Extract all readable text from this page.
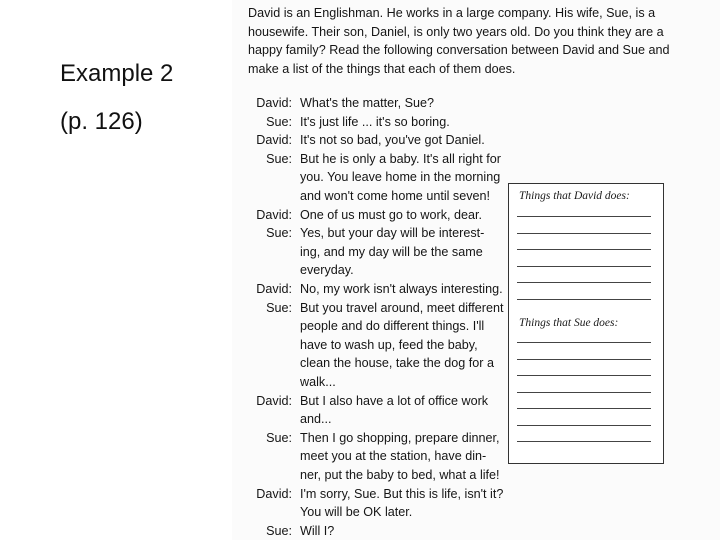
Example 2
(p. 126)
David is an Englishman. He works in a large company. His wife, Sue, is a
housewife. Their son, Daniel, is only two years old. Do you think they are a
happy family? Read the following conversation between David and Sue and
make a list of the things that each of them does.
David: What's the matter, Sue?
Sue: It's just life ... it's so boring.
David: It's not so bad, you've got Daniel.
Sue: But he is only a baby. It's all right for
you. You leave home in the morning
and won't come home until seven!
David: One of us must go to work, dear.
Sue: Yes, but your day will be interest-
ing, and my day will be the same
everyday.
David: No, my work isn't always interesting.
Sue: But you travel around, meet different
people and do different things. I'll
have to wash up, feed the baby,
clean the house, take the dog for a
walk...
David: But I also have a lot of office work
and...
Sue: Then I go shopping, prepare dinner,
meet you at the station, have din-
ner, put the baby to bed, what a life!
David: I'm sorry, Sue. But this is life, isn't it?
You will be OK later.
Sue: Will I?
Things that David does:
Things that Sue does:
